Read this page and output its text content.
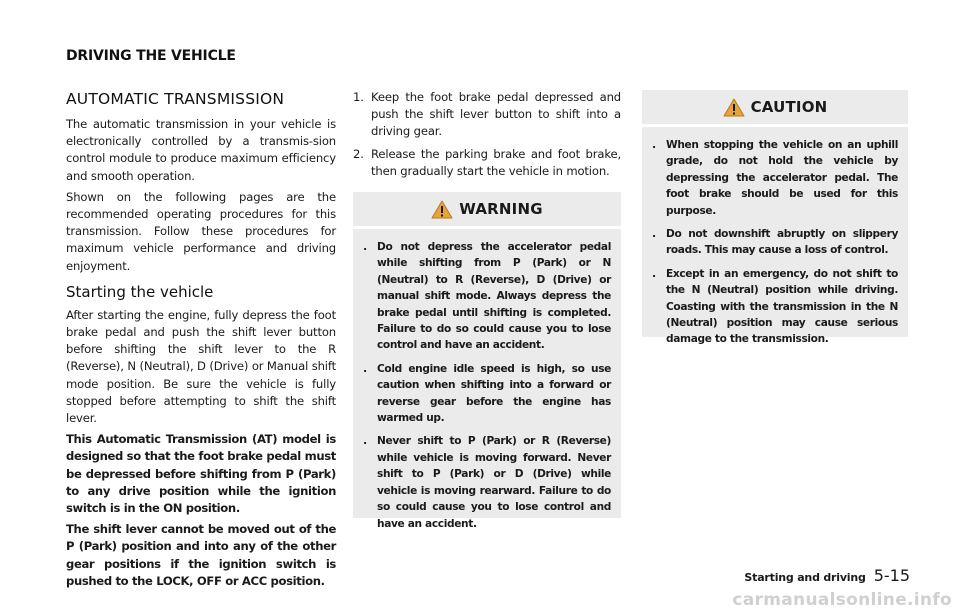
DRIVING THE VEHICLE
AUTOMATIC TRANSMISSION

The automatic transmission in your vehicle is electronically controlled by a transmis-sion control module to produce maximum efficiency and smooth operation.

Shown on the following pages are the recommended operating procedures for this transmission. Follow these procedures for maximum vehicle performance and driving enjoyment.

Starting the vehicle

After starting the engine, fully depress the foot brake pedal and push the shift lever button before shifting the shift lever to the R (Reverse), N (Neutral), D (Drive) or Manual shift mode position. Be sure the vehicle is fully stopped before attempting to shift the shift lever.

This Automatic Transmission (AT) model is designed so that the foot brake pedal must be depressed before shifting from P (Park) to any drive position while the ignition switch is in the ON position.

The shift lever cannot be moved out of the P (Park) position and into any of the other gear positions if the ignition switch is pushed to the LOCK, OFF or ACC position.

1. Keep the foot brake pedal depressed and push the shift lever button to shift into a driving gear.
2. Release the parking brake and foot brake, then gradually start the vehicle in motion.
WARNING
. Do not depress the accelerator pedal while shifting from P (Park) or N (Neutral) to R (Reverse), D (Drive) or manual shift mode. Always depress the brake pedal until shifting is completed. Failure to do so could cause you to lose control and have an accident.
. Cold engine idle speed is high, so use caution when shifting into a forward or reverse gear before the engine has warmed up.
. Never shift to P (Park) or R (Reverse) while vehicle is moving forward. Never shift to P (Park) or D (Drive) while vehicle is moving rearward. Failure to do so could cause you to lose control and have an accident.
CAUTION
. When stopping the vehicle on an uphill grade, do not hold the vehicle by depressing the accelerator pedal. The foot brake should be used for this purpose.
. Do not downshift abruptly on slippery roads. This may cause a loss of control.
. Except in an emergency, do not shift to the N (Neutral) position while driving. Coasting with the transmission in the N (Neutral) position may cause serious damage to the transmission.
Starting and driving 5-15
carmanualsonline.info
